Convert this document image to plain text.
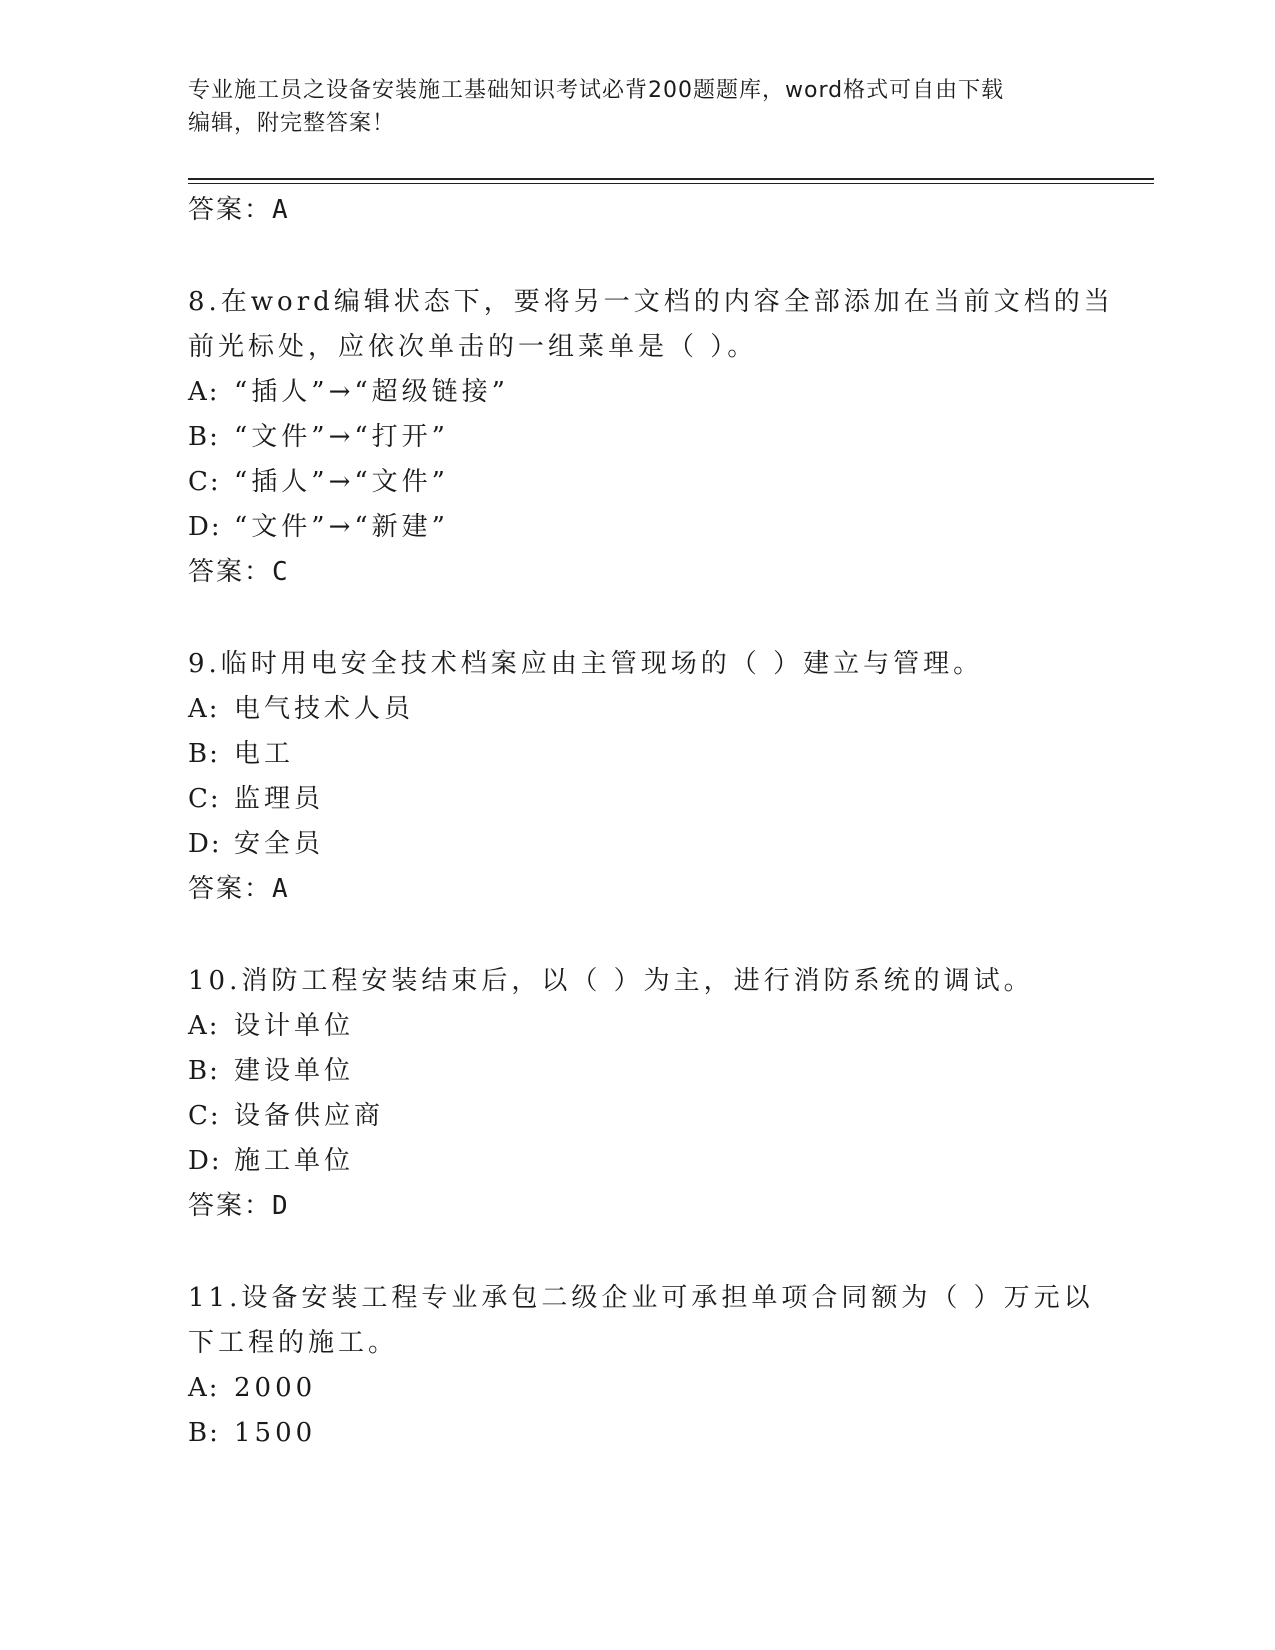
专业施工员之设备安装施工基础知识考试必背200题题库，word格式可自由下载
编辑，附完整答案！
答案：A
8.在word编辑状态下，要将另一文档的内容全部添加在当前文档的当
前光标处，应依次单击的一组菜单是（ ）。
A: “插人”→“超级链接”
B: “文件”→“打开”
C: “插人”→“文件”
D: “文件”→“新建”
答案：C
9.临时用电安全技术档案应由主管现场的（ ）建立与管理。
A: 电气技术人员
B: 电工
C: 监理员
D: 安全员
答案：A
10.消防工程安装结束后，以（ ）为主，进行消防系统的调试。
A: 设计单位
B: 建设单位
C: 设备供应商
D: 施工单位
答案：D
11.设备安装工程专业承包二级企业可承担单项合同额为（ ）万元以
下工程的施工。
A: 2000
B: 1500
